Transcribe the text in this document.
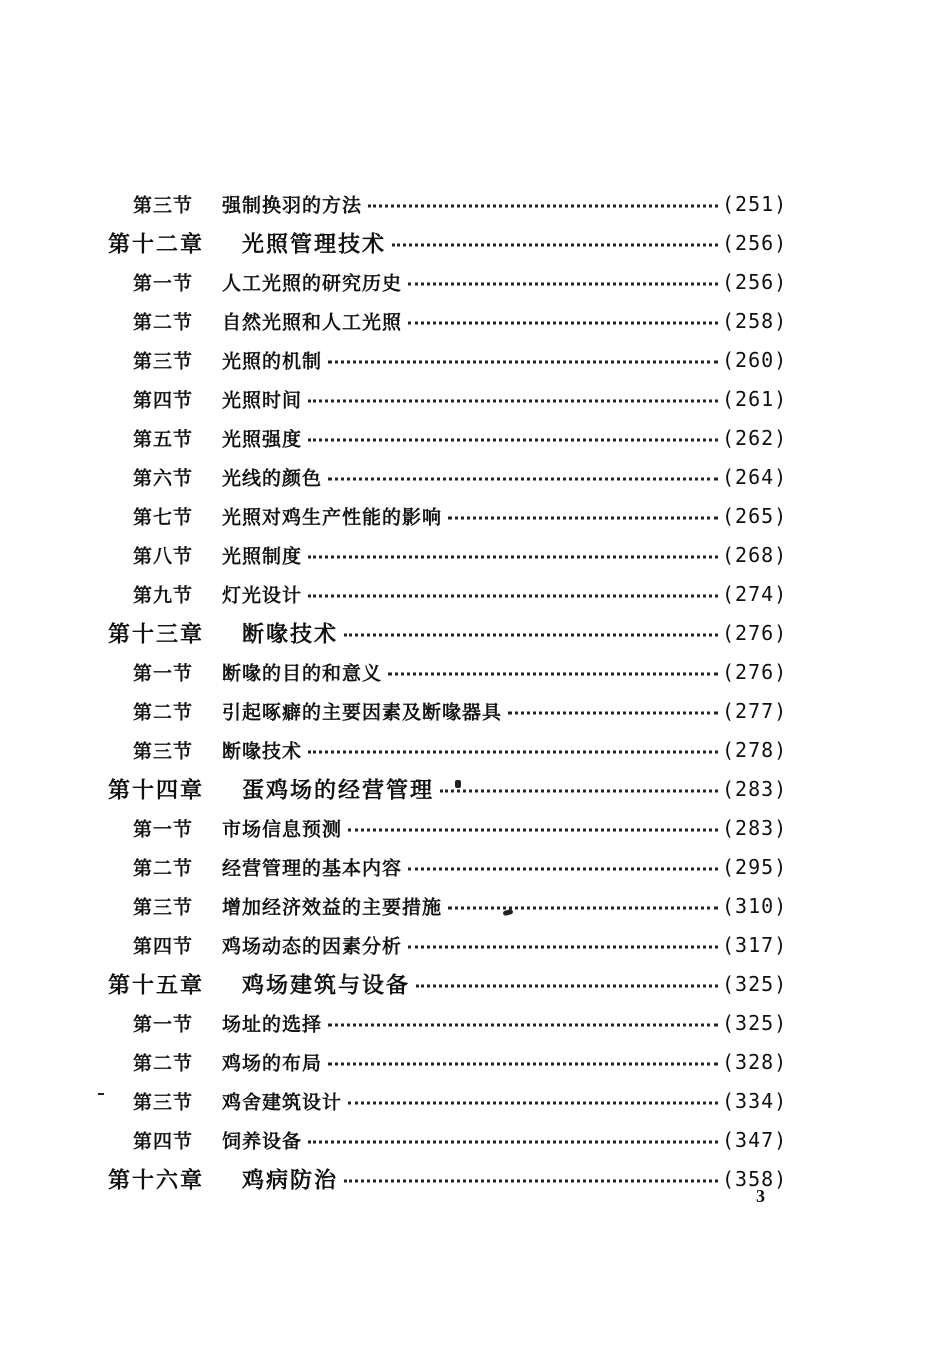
第三节 强制换羽的方法	(251)
第十二章 光照管理技术	(256)
第一节 人工光照的研究历史	(256)
第二节 自然光照和人工光照	(258)
第三节 光照的机制	(260)
第四节 光照时间	(261)
第五节 光照强度	(262)
第六节 光线的颜色	(264)
第七节 光照对鸡生产性能的影响	(265)
第八节 光照制度	(268)
第九节 灯光设计	(274)
第十三章 断喙技术	(276)
第一节 断喙的目的和意义	(276)
第二节 引起啄癖的主要因素及断喙器具	(277)
第三节 断喙技术	(278)
第十四章 蛋鸡场的经营管理	(283)
第一节 市场信息预测	(283)
第二节 经营管理的基本内容	(295)
第三节 增加经济效益的主要措施	(310)
第四节 鸡场动态的因素分析	(317)
第十五章 鸡场建筑与设备	(325)
第一节 场址的选择	(325)
第二节 鸡场的布局	(328)
第三节 鸡舍建筑设计	(334)
第四节 饲养设备	(347)
第十六章 鸡病防治	(358)
3
